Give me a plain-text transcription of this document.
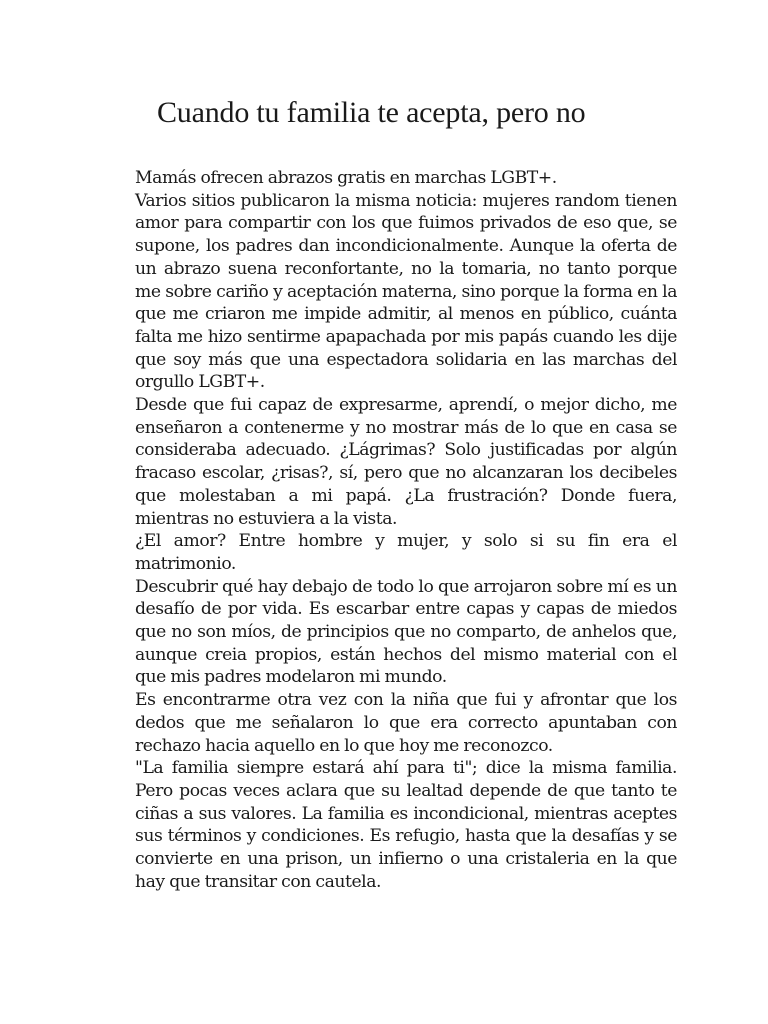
Cuando tu familia te acepta, pero no

Mamás ofrecen abrazos gratis en marchas LGBT+.

Varios sitios publicaron la misma noticia: mujeres random tienen amor para compartir con los que fuimos privados de eso que, se supone, los padres dan incondicionalmente. Aunque la oferta de un abrazo suena reconfortante, no la tomaria, no tanto porque me sobre cariño y aceptación materna, sino porque la forma en la que me criaron me impide admitir, al menos en público, cuánta falta me hizo sentirme apapachada por mis papás cuando les dije que soy más que una espectadora solidaria en las marchas del orgullo LGBT+.

Desde que fui capaz de expresarme, aprendí, o mejor dicho, me enseñaron a contenerme y no mostrar más de lo que en casa se consideraba adecuado. ¿Lágrimas? Solo justificadas por algún fracaso escolar, ¿risas?, sí, pero que no alcanzaran los decibeles que molestaban a mi papá. ¿La frustración? Donde fuera, mientras no estuviera a la vista.

¿El amor? Entre hombre y mujer, y solo si su fin era el matrimonio.

Descubrir qué hay debajo de todo lo que arrojaron sobre mí es un desafío de por vida. Es escarbar entre capas y capas de miedos que no son míos, de principios que no comparto, de anhelos que, aunque creia propios, están hechos del mismo material con el que mis padres modelaron mi mundo.

Es encontrarme otra vez con la niña que fui y afrontar que los dedos que me señalaron lo que era correcto apuntaban con rechazo hacia aquello en lo que hoy me reconozco.

"La familia siempre estará ahí para ti"; dice la misma familia. Pero pocas veces aclara que su lealtad depende de que tanto te ciñas a sus valores. La familia es incondicional, mientras aceptes sus términos y condiciones. Es refugio, hasta que la desafías y se convierte en una prison, un infierno o una cristaleria en la que hay que transitar con cautela.
